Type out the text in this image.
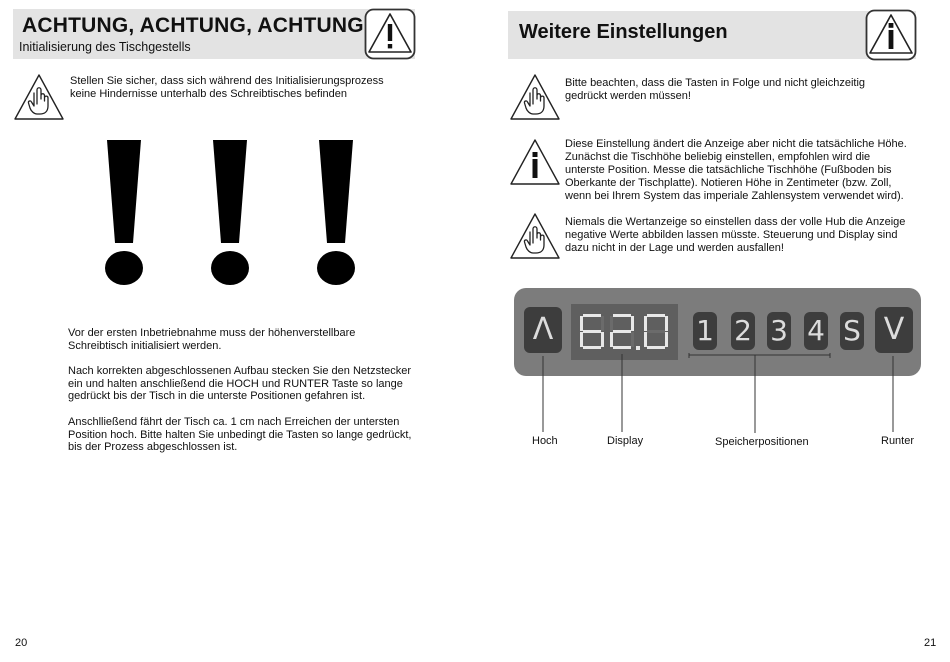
ACHTUNG, ACHTUNG, ACHTUNG
Initialisierung des Tischgestells
Stellen Sie sicher, dass sich während des Initialisierungsprozess keine Hindernisse unterhalb des Schreibtisches befinden
Vor der ersten Inbetriebnahme muss der höhenverstellbare Schreibtisch initialisiert werden.
Nach korrekten abgeschlossenen Aufbau stecken Sie den Netzstecker ein und halten anschließend die HOCH und RUNTER Taste so lange gedrückt bis der Tisch in die unterste Positionen gefahren ist.
Anschlließend fährt der Tisch ca. 1 cm nach Erreichen der untersten Position hoch. Bitte halten Sie unbedingt die Tasten so lange gedrückt, bis der Prozess abgeschlossen ist.
20
Weitere Einstellungen
Bitte beachten, dass die Tasten in Folge und nicht gleichzeitig gedrückt werden müssen!
Diese Einstellung ändert die Anzeige aber nicht die tatsächliche Höhe. Zunächst die Tischhöhe beliebig einstellen, empfohlen wird die unterste Position. Messe die tatsächliche Tischhöhe (Fußboden bis Oberkante der Tischplatte). Notieren Höhe in Zentimeter (bzw. Zoll, wenn bei Ihrem System das imperiale Zahlensystem verwendet wird).
Niemals die Wertanzeige so einstellen dass der volle Hub die Anzeige negative Werte abbilden lassen müsste. Steuerung und Display sind dazu nicht in der Lage und werden ausfallen!
Λ	1 2 3 4 S V
Hoch	Display	Speicherpositionen	Runter
21
